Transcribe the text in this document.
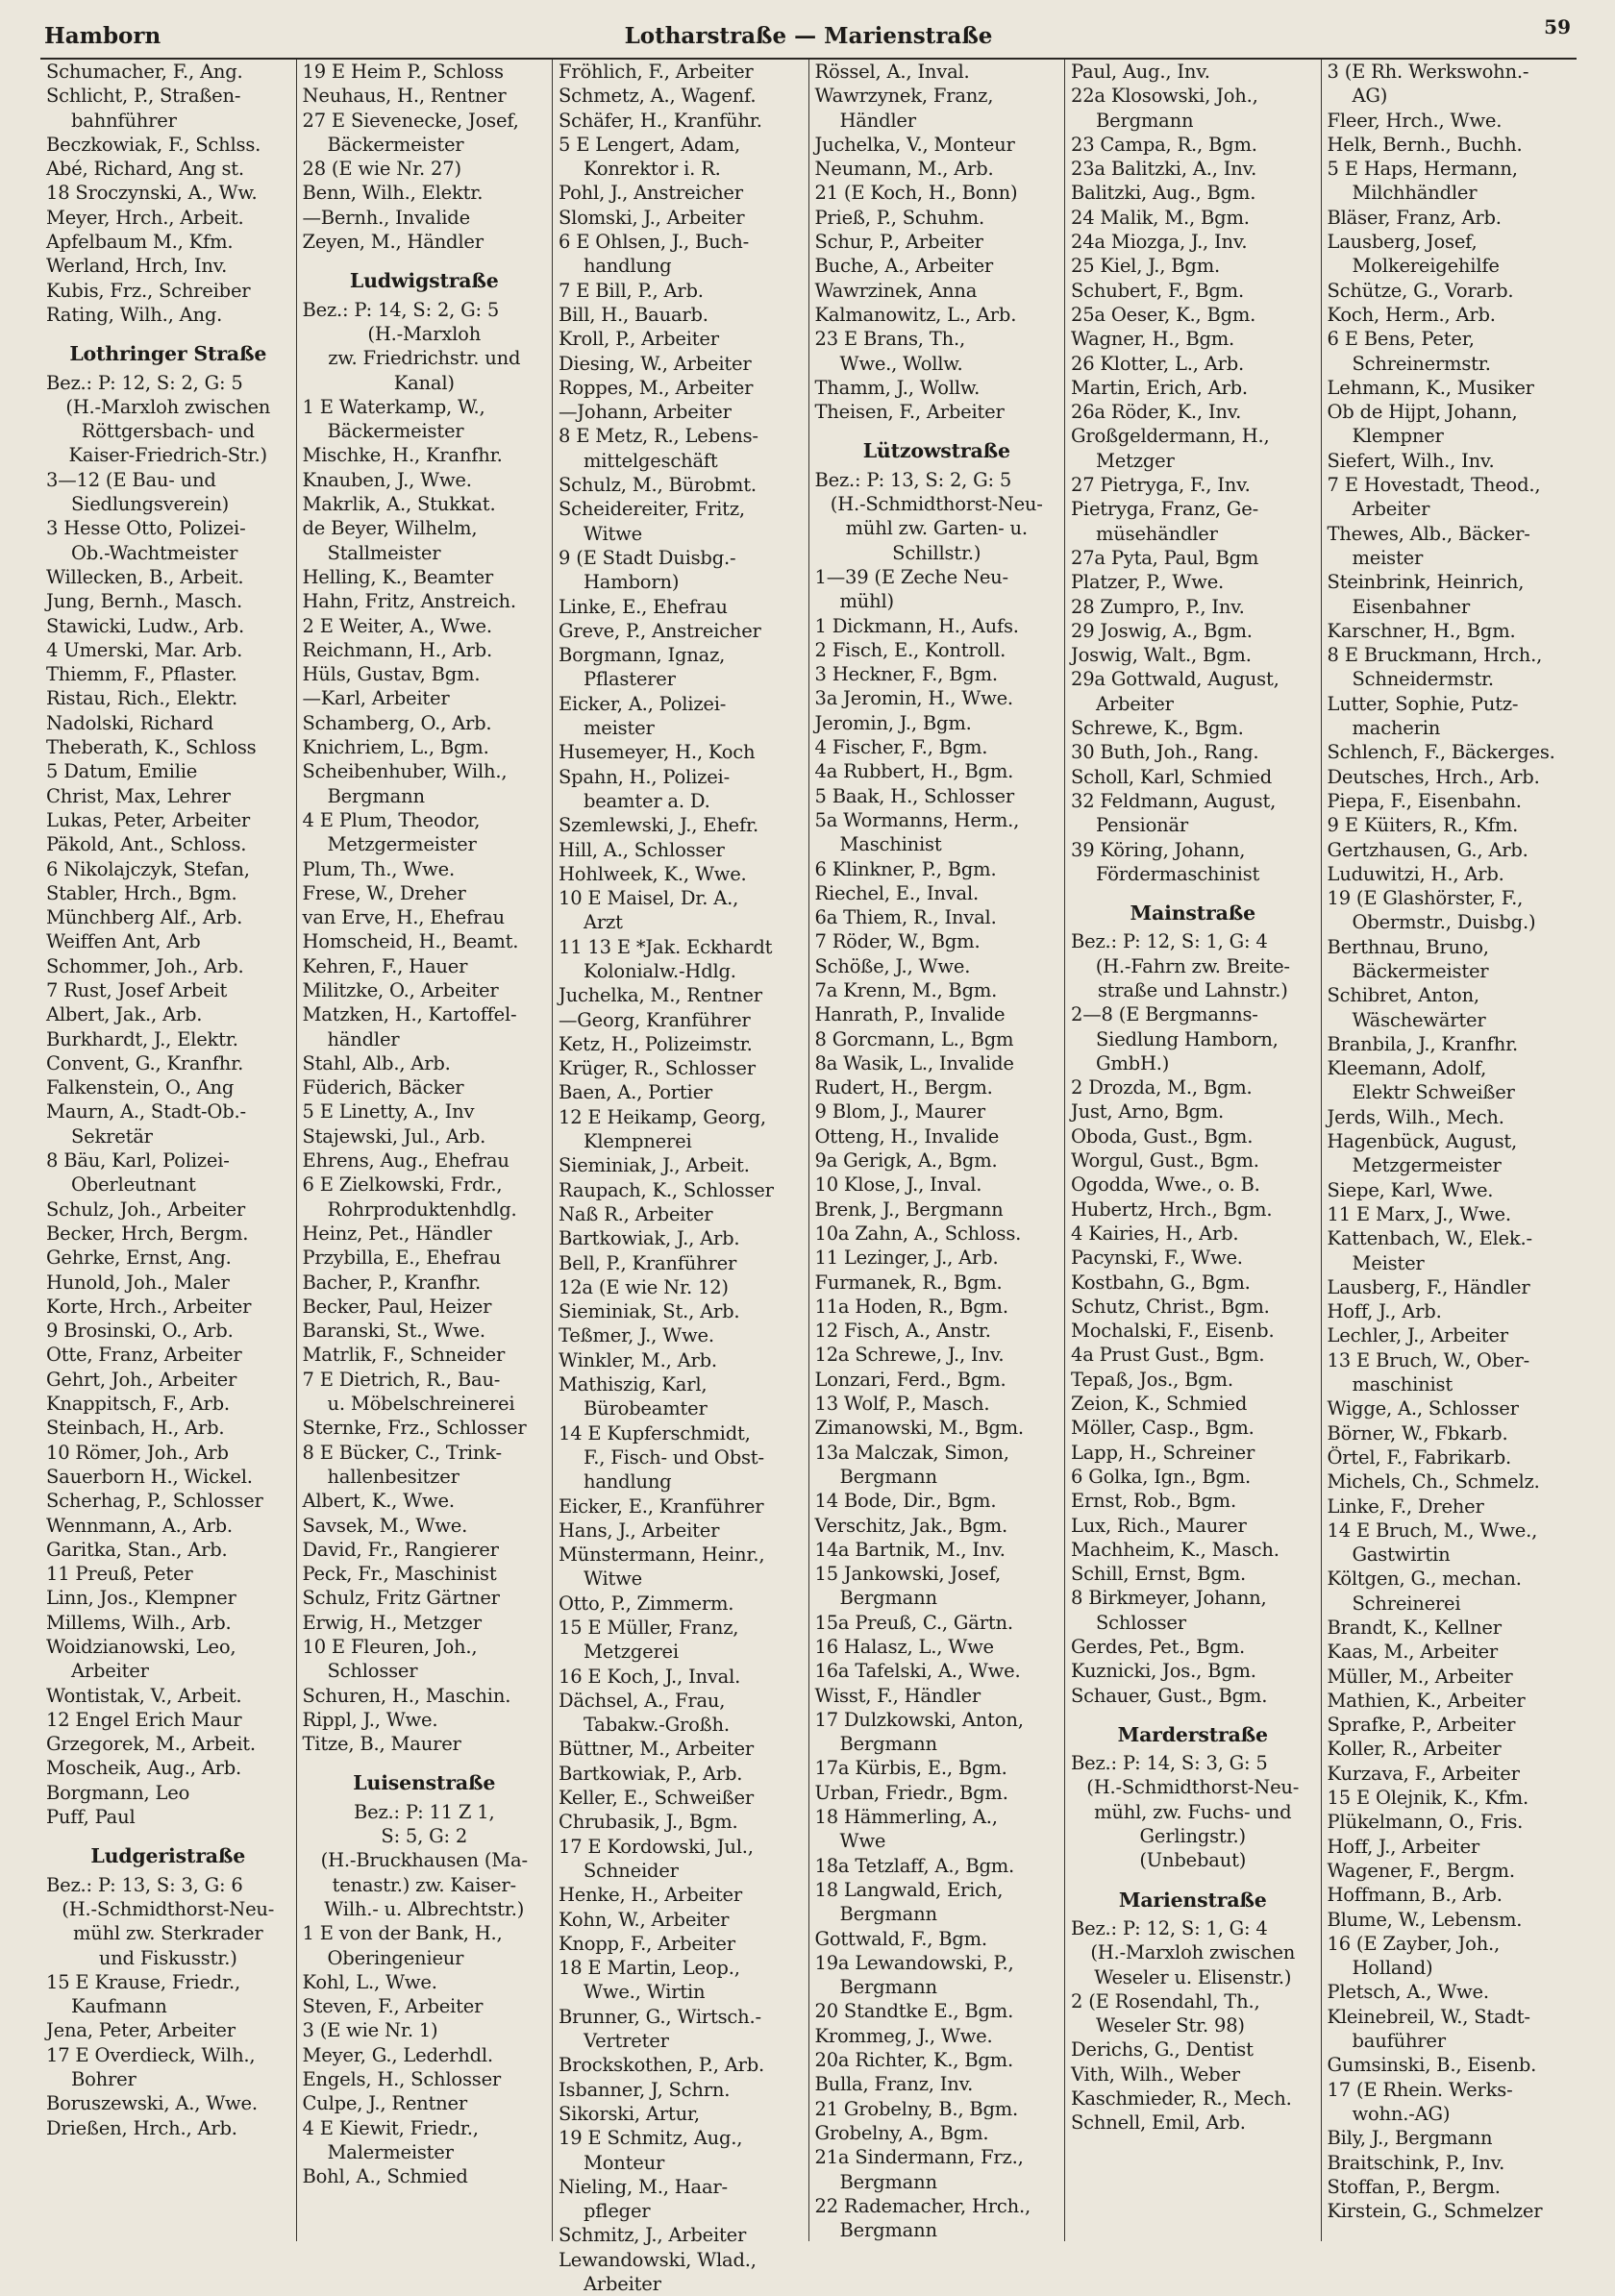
Hamborn	Lotharstraße — Marienstraße	59
Schumacher, F., Ang.
Schlicht, P., Straßen-
bahnführer
Beczkowiak, F., Schlss.
Abé, Richard, Ang st.
18 Sroczynski, A., Ww.
Meyer, Hrch., Arbeit.
Apfelbaum M., Kfm.
Werland, Hrch, Inv.
Kubis, Frz., Schreiber
Rating, Wilh., Ang.
Lothringer Straße
Bez.: P: 12, S: 2, G: 5
(H.-Marxloh zwischen
Röttgersbach- und
Kaiser-Friedrich-Str.)
3—12 (E Bau- und
Siedlungsverein)
3 Hesse Otto, Polizei-
Ob.-Wachtmeister
Willecken, B., Arbeit.
Jung, Bernh., Masch.
Stawicki, Ludw., Arb.
4 Umerski, Mar. Arb.
Thiemm, F., Pflaster.
Ristau, Rich., Elektr.
Nadolski, Richard
Theberath, K., Schloss
5 Datum, Emilie
Christ, Max, Lehrer
Lukas, Peter, Arbeiter
Päkold, Ant., Schloss.
6 Nikolajczyk, Stefan,
Stabler, Hrch., Bgm.
Münchberg Alf., Arb.
Weiffen Ant, Arb
Schommer, Joh., Arb.
7 Rust, Josef Arbeit
Albert, Jak., Arb.
Burkhardt, J., Elektr.
Convent, G., Kranfhr.
Falkenstein, O., Ang
Maurn, A., Stadt-Ob.-
Sekretär
8 Bäu, Karl, Polizei-
Oberleutnant
Schulz, Joh., Arbeiter
Becker, Hrch, Bergm.
Gehrke, Ernst, Ang.
Hunold, Joh., Maler
Korte, Hrch., Arbeiter
9 Brosinski, O., Arb.
Otte, Franz, Arbeiter
Gehrt, Joh., Arbeiter
Knappitsch, F., Arb.
Steinbach, H., Arb.
10 Römer, Joh., Arb
Sauerborn H., Wickel.
Scherhag, P., Schlosser
Wennmann, A., Arb.
Garitka, Stan., Arb.
11 Preuß, Peter
Linn, Jos., Klempner
Millems, Wilh., Arb.
Woidzianowski, Leo,
Arbeiter
Wontistak, V., Arbeit.
12 Engel Erich Maur
Grzegorek, M., Arbeit.
Moscheik, Aug., Arb.
Borgmann, Leo
Puff, Paul
Ludgeristraße
Bez.: P: 13, S: 3, G: 6
(H.-Schmidthorst-Neu-
mühl zw. Sterkrader
und Fiskusstr.)
15 E Krause, Friedr.,
Kaufmann
Jena, Peter, Arbeiter
17 E Overdieck, Wilh.,
Bohrer
Boruszewski, A., Wwe.
Drießen, Hrch., Arb.
19 E Heim P., Schloss
Neuhaus, H., Rentner
27 E Sievenecke, Josef,
Bäckermeister
28 (E wie Nr. 27)
Benn, Wilh., Elektr.
—Bernh., Invalide
Zeyen, M., Händler
Ludwigstraße
Bez.: P: 14, S: 2, G: 5
(H.-Marxloh
zw. Friedrichstr. und
Kanal)
1 E Waterkamp, W.,
Bäckermeister
Mischke, H., Kranfhr.
Knauben, J., Wwe.
Makrlik, A., Stukkat.
de Beyer, Wilhelm,
Stallmeister
Helling, K., Beamter
Hahn, Fritz, Anstreich.
2 E Weiter, A., Wwe.
Reichmann, H., Arb.
Hüls, Gustav, Bgm.
—Karl, Arbeiter
Schamberg, O., Arb.
Knichriem, L., Bgm.
Scheibenhuber, Wilh.,
Bergmann
4 E Plum, Theodor,
Metzgermeister
Plum, Th., Wwe.
Frese, W., Dreher
van Erve, H., Ehefrau
Homscheid, H., Beamt.
Kehren, F., Hauer
Militzke, O., Arbeiter
Matzken, H., Kartoffel-
händler
Stahl, Alb., Arb.
Füderich, Bäcker
5 E Linetty, A., Inv
Stajewski, Jul., Arb.
Ehrens, Aug., Ehefrau
6 E Zielkowski, Frdr.,
Rohrproduktenhdlg.
Heinz, Pet., Händler
Przybilla, E., Ehefrau
Bacher, P., Kranfhr.
Becker, Paul, Heizer
Baranski, St., Wwe.
Matrlik, F., Schneider
7 E Dietrich, R., Bau-
u. Möbelschreinerei
Sternke, Frz., Schlosser
8 E Bücker, C., Trink-
hallenbesitzer
Albert, K., Wwe.
Savsek, M., Wwe.
David, Fr., Rangierer
Peck, Fr., Maschinist
Schulz, Fritz Gärtner
Erwig, H., Metzger
10 E Fleuren, Joh.,
Schlosser
Schuren, H., Maschin.
Rippl, J., Wwe.
Titze, B., Maurer
Luisenstraße
Bez.: P: 11 Z 1,
S: 5, G: 2
(H.-Bruckhausen (Ma-
tenastr.) zw. Kaiser-
Wilh.- u. Albrechtstr.)
1 E von der Bank, H.,
Oberingenieur
Kohl, L., Wwe.
Steven, F., Arbeiter
3 (E wie Nr. 1)
Meyer, G., Lederhdl.
Engels, H., Schlosser
Culpe, J., Rentner
4 E Kiewit, Friedr.,
Malermeister
Bohl, A., Schmied
Fröhlich, F., Arbeiter
Schmetz, A., Wagenf.
Schäfer, H., Kranführ.
5 E Lengert, Adam,
Konrektor i. R.
Pohl, J., Anstreicher
Slomski, J., Arbeiter
6 E Ohlsen, J., Buch-
handlung
7 E Bill, P., Arb.
Bill, H., Bauarb.
Kroll, P., Arbeiter
Diesing, W., Arbeiter
Roppes, M., Arbeiter
—Johann, Arbeiter
8 E Metz, R., Lebens-
mittelgeschäft
Schulz, M., Bürobmt.
Scheidereiter, Fritz,
Witwe
9 (E Stadt Duisbg.-
Hamborn)
Linke, E., Ehefrau
Greve, P., Anstreicher
Borgmann, Ignaz,
Pflasterer
Eicker, A., Polizei-
meister
Husemeyer, H., Koch
Spahn, H., Polizei-
beamter a. D.
Szemlewski, J., Ehefr.
Hill, A., Schlosser
Hohlweek, K., Wwe.
10 E Maisel, Dr. A.,
Arzt
11 13 E *Jak. Eckhardt
Kolonialw.-Hdlg.
Juchelka, M., Rentner
—Georg, Kranführer
Ketz, H., Polizeimstr.
Krüger, R., Schlosser
Baen, A., Portier
12 E Heikamp, Georg,
Klempnerei
Sieminiak, J., Arbeit.
Raupach, K., Schlosser
Naß R., Arbeiter
Bartkowiak, J., Arb.
Bell, P., Kranführer
12a (E wie Nr. 12)
Sieminiak, St., Arb.
Teßmer, J., Wwe.
Winkler, M., Arb.
Mathiszig, Karl,
Bürobeamter
14 E Kupferschmidt,
F., Fisch- und Obst-
handlung
Eicker, E., Kranführer
Hans, J., Arbeiter
Münstermann, Heinr.,
Witwe
Otto, P., Zimmerm.
15 E Müller, Franz,
Metzgerei
16 E Koch, J., Inval.
Dächsel, A., Frau,
Tabakw.-Großh.
Büttner, M., Arbeiter
Bartkowiak, P., Arb.
Keller, E., Schweißer
Chrubasik, J., Bgm.
17 E Kordowski, Jul.,
Schneider
Henke, H., Arbeiter
Kohn, W., Arbeiter
Knopp, F., Arbeiter
18 E Martin, Leop.,
Wwe., Wirtin
Brunner, G., Wirtsch.-
Vertreter
Brockskothen, P., Arb.
Isbanner, J, Schrn.
Sikorski, Artur,
19 E Schmitz, Aug.,
Monteur
Nieling, M., Haar-
pfleger
Schmitz, J., Arbeiter
Lewandowski, Wlad.,
Arbeiter
Rössel, A., Inval.
Wawrzynek, Franz,
Händler
Juchelka, V., Monteur
Neumann, M., Arb.
21 (E Koch, H., Bonn)
Prieß, P., Schuhm.
Schur, P., Arbeiter
Buche, A., Arbeiter
Wawrzinek, Anna
Kalmanowitz, L., Arb.
23 E Brans, Th.,
Wwe., Wollw.
Thamm, J., Wollw.
Theisen, F., Arbeiter
Lützowstraße
Bez.: P: 13, S: 2, G: 5
(H.-Schmidthorst-Neu-
mühl zw. Garten- u.
Schillstr.)
1—39 (E Zeche Neu-
mühl)
1 Dickmann, H., Aufs.
2 Fisch, E., Kontroll.
3 Heckner, F., Bgm.
3a Jeromin, H., Wwe.
Jeromin, J., Bgm.
4 Fischer, F., Bgm.
4a Rubbert, H., Bgm.
5 Baak, H., Schlosser
5a Wormanns, Herm.,
Maschinist
6 Klinkner, P., Bgm.
Riechel, E., Inval.
6a Thiem, R., Inval.
7 Röder, W., Bgm.
Schöße, J., Wwe.
7a Krenn, M., Bgm.
Hanrath, P., Invalide
8 Gorcmann, L., Bgm
8a Wasik, L., Invalide
Rudert, H., Bergm.
9 Blom, J., Maurer
Otteng, H., Invalide
9a Gerigk, A., Bgm.
10 Klose, J., Inval.
Brenk, J., Bergmann
10a Zahn, A., Schloss.
11 Lezinger, J., Arb.
Furmanek, R., Bgm.
11a Hoden, R., Bgm.
12 Fisch, A., Anstr.
12a Schrewe, J., Inv.
Lonzari, Ferd., Bgm.
13 Wolf, P., Masch.
Zimanowski, M., Bgm.
13a Malczak, Simon,
Bergmann
14 Bode, Dir., Bgm.
Verschitz, Jak., Bgm.
14a Bartnik, M., Inv.
15 Jankowski, Josef,
Bergmann
15a Preuß, C., Gärtn.
16 Halasz, L., Wwe
16a Tafelski, A., Wwe.
Wisst, F., Händler
17 Dulzkowski, Anton,
Bergmann
17a Kürbis, E., Bgm.
Urban, Friedr., Bgm.
18 Hämmerling, A.,
Wwe
18a Tetzlaff, A., Bgm.
18 Langwald, Erich,
Bergmann
Gottwald, F., Bgm.
19a Lewandowski, P.,
Bergmann
20 Standtke E., Bgm.
Krommeg, J., Wwe.
20a Richter, K., Bgm.
Bulla, Franz, Inv.
21 Grobelny, B., Bgm.
Grobelny, A., Bgm.
21a Sindermann, Frz.,
Bergmann
22 Rademacher, Hrch.,
Bergmann
Paul, Aug., Inv.
22a Klosowski, Joh.,
Bergmann
23 Campa, R., Bgm.
23a Balitzki, A., Inv.
Balitzki, Aug., Bgm.
24 Malik, M., Bgm.
24a Miozga, J., Inv.
25 Kiel, J., Bgm.
Schubert, F., Bgm.
25a Oeser, K., Bgm.
Wagner, H., Bgm.
26 Klotter, L., Arb.
Martin, Erich, Arb.
26a Röder, K., Inv.
Großgeldermann, H.,
Metzger
27 Pietryga, F., Inv.
Pietryga, Franz, Ge-
müsehändler
27a Pyta, Paul, Bgm
Platzer, P., Wwe.
28 Zumpro, P., Inv.
29 Joswig, A., Bgm.
Joswig, Walt., Bgm.
29a Gottwald, August,
Arbeiter
Schrewe, K., Bgm.
30 Buth, Joh., Rang.
Scholl, Karl, Schmied
32 Feldmann, August,
Pensionär
39 Köring, Johann,
Fördermaschinist
Mainstraße
Bez.: P: 12, S: 1, G: 4
(H.-Fahrn zw. Breite-
straße und Lahnstr.)
2—8 (E Bergmanns-
Siedlung Hamborn,
GmbH.)
2 Drozda, M., Bgm.
Just, Arno, Bgm.
Oboda, Gust., Bgm.
Worgul, Gust., Bgm.
Ogodda, Wwe., o. B.
Hubertz, Hrch., Bgm.
4 Kairies, H., Arb.
Pacynski, F., Wwe.
Kostbahn, G., Bgm.
Schutz, Christ., Bgm.
Mochalski, F., Eisenb.
4a Prust Gust., Bgm.
Tepaß, Jos., Bgm.
Zeion, K., Schmied
Möller, Casp., Bgm.
Lapp, H., Schreiner
6 Golka, Ign., Bgm.
Ernst, Rob., Bgm.
Lux, Rich., Maurer
Machheim, K., Masch.
Schill, Ernst, Bgm.
8 Birkmeyer, Johann,
Schlosser
Gerdes, Pet., Bgm.
Kuznicki, Jos., Bgm.
Schauer, Gust., Bgm.
Marderstraße
Bez.: P: 14, S: 3, G: 5
(H.-Schmidthorst-Neu-
mühl, zw. Fuchs- und
Gerlingstr.)
(Unbebaut)
Marienstraße
Bez.: P: 12, S: 1, G: 4
(H.-Marxloh zwischen
Weseler u. Elisenstr.)
2 (E Rosendahl, Th.,
Weseler Str. 98)
Derichs, G., Dentist
Vith, Wilh., Weber
Kaschmieder, R., Mech.
Schnell, Emil, Arb.
3 (E Rh. Werkswohn.-
AG)
Fleer, Hrch., Wwe.
Helk, Bernh., Buchh.
5 E Haps, Hermann,
Milchhändler
Bläser, Franz, Arb.
Lausberg, Josef,
Molkereigehilfe
Schütze, G., Vorarb.
Koch, Herm., Arb.
6 E Bens, Peter,
Schreinermstr.
Lehmann, K., Musiker
Ob de Hijpt, Johann,
Klempner
Siefert, Wilh., Inv.
7 E Hovestadt, Theod.,
Arbeiter
Thewes, Alb., Bäcker-
meister
Steinbrink, Heinrich,
Eisenbahner
Karschner, H., Bgm.
8 E Bruckmann, Hrch.,
Schneidermstr.
Lutter, Sophie, Putz-
macherin
Schlench, F., Bäckerges.
Deutsches, Hrch., Arb.
Piepa, F., Eisenbahn.
9 E Küiters, R., Kfm.
Gertzhausen, G., Arb.
Luduwitzi, H., Arb.
19 (E Glashörster, F.,
Obermstr., Duisbg.)
Berthnau, Bruno,
Bäckermeister
Schibret, Anton,
Wäschewärter
Branbila, J., Kranfhr.
Kleemann, Adolf,
Elektr Schweißer
Jerds, Wilh., Mech.
Hagenbück, August,
Metzgermeister
Siepe, Karl, Wwe.
11 E Marx, J., Wwe.
Kattenbach, W., Elek.-
Meister
Lausberg, F., Händler
Hoff, J., Arb.
Lechler, J., Arbeiter
13 E Bruch, W., Ober-
maschinist
Wigge, A., Schlosser
Börner, W., Fbkarb.
Örtel, F., Fabrikarb.
Michels, Ch., Schmelz.
Linke, F., Dreher
14 E Bruch, M., Wwe.,
Gastwirtin
Költgen, G., mechan.
Schreinerei
Brandt, K., Kellner
Kaas, M., Arbeiter
Müller, M., Arbeiter
Mathien, K., Arbeiter
Sprafke, P., Arbeiter
Koller, R., Arbeiter
Kurzava, F., Arbeiter
15 E Olejnik, K., Kfm.
Plükelmann, O., Fris.
Hoff, J., Arbeiter
Wagener, F., Bergm.
Hoffmann, B., Arb.
Blume, W., Lebensm.
16 (E Zayber, Joh.,
Holland)
Pletsch, A., Wwe.
Kleinebreil, W., Stadt-
bauführer
Gumsinski, B., Eisenb.
17 (E Rhein. Werks-
wohn.-AG)
Bily, J., Bergmann
Braitschink, P., Inv.
Stoffan, P., Bergm.
Kirstein, G., Schmelzer
